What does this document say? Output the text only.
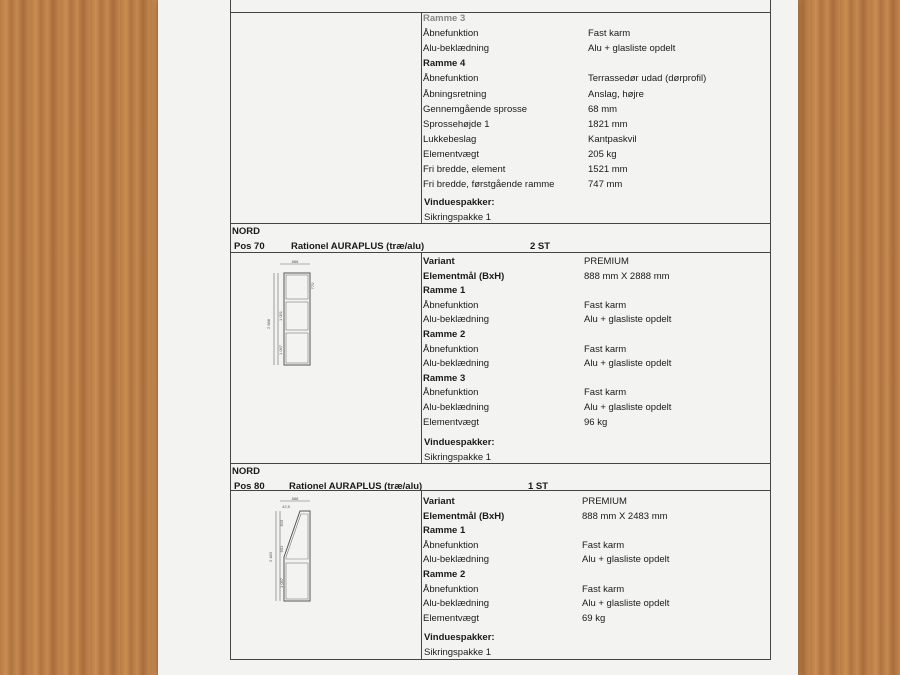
Ramme 3
Åbnefunktion	Fast karm
Alu-beklædning	Alu + glasliste opdelt
Ramme 4
Åbnefunktion	Terrassedør udad (dørprofil)
Åbningsretning	Anslag, højre
Gennemgående sprosse	68 mm
Sprossehøjde 1	1821 mm
Lukkebeslag	Kantpaskvil
Elementvægt	205 kg
Fri bredde, element	1521 mm
Fri bredde, førstgående ramme	747 mm
Vinduespakker:
Sikringspakke 1
NORD
Pos 70	Rationel AURAPLUS (træ/alu)	2 ST
888
2 888
770
1 051
1 067
Variant	PREMIUM
Elementmål (BxH)	888 mm X 2888 mm
Ramme 1
Åbnefunktion	Fast karm
Alu-beklædning	Alu + glasliste opdelt
Ramme 2
Åbnefunktion	Fast karm
Alu-beklædning	Alu + glasliste opdelt
Ramme 3
Åbnefunktion	Fast karm
Alu-beklædning	Alu + glasliste opdelt
Elementvægt	96 kg
Vinduespakker:
Sikringspakke 1
NORD
Pos 80	Rationel AURAPLUS (træ/alu)	1 ST
888
42,5
2 483
815
601
1 067
Variant	PREMIUM
Elementmål (BxH)	888 mm X 2483 mm
Ramme 1
Åbnefunktion	Fast karm
Alu-beklædning	Alu + glasliste opdelt
Ramme 2
Åbnefunktion	Fast karm
Alu-beklædning	Alu + glasliste opdelt
Elementvægt	69 kg
Vinduespakker:
Sikringspakke 1
